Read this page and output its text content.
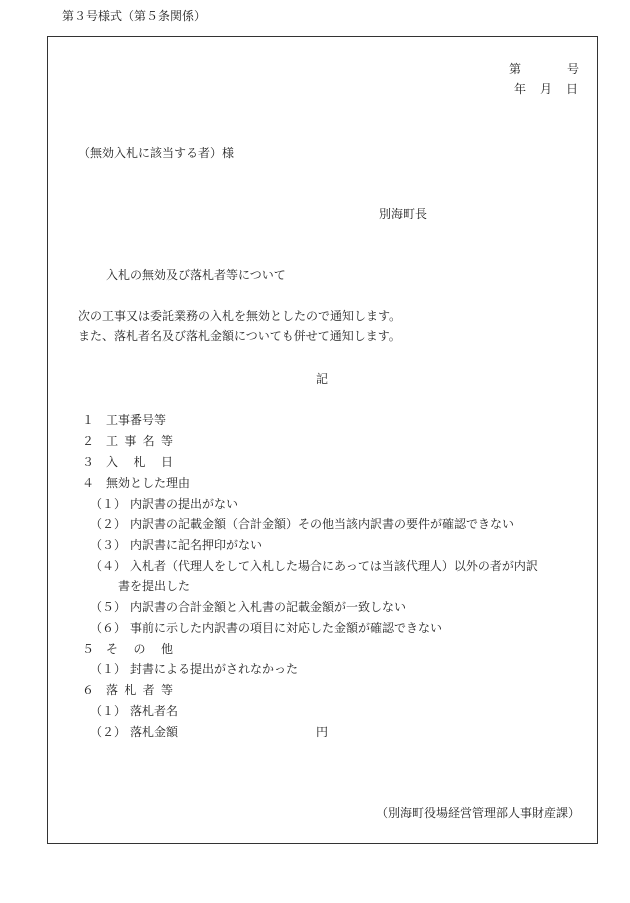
第３号様式（第５条関係）
第	号
年 月 日
（無効入札に該当する者）様
別海町長
入札の無効及び落札者等について
次の工事又は委託業務の入札を無効としたので通知します。
また、落札者名及び落札金額についても併せて通知します。
記
１ 工事番号等
２ 工 事 名 等
３ 入 札 日
４ 無効とした理由
（１） 内訳書の提出がない
（２） 内訳書の記載金額（合計金額）その他当該内訳書の要件が確認できない
（３） 内訳書に記名押印がない
（４） 入札者（代理人をして入札した場合にあっては当該代理人）以外の者が内訳
書を提出した
（５） 内訳書の合計金額と入札書の記載金額が一致しない
（６） 事前に示した内訳書の項目に対応した金額が確認できない
５ そ の 他
（１） 封書による提出がされなかった
６ 落 札 者 等
（１） 落札者名
（２） 落札金額	円
（別海町役場経営管理部人事財産課）
